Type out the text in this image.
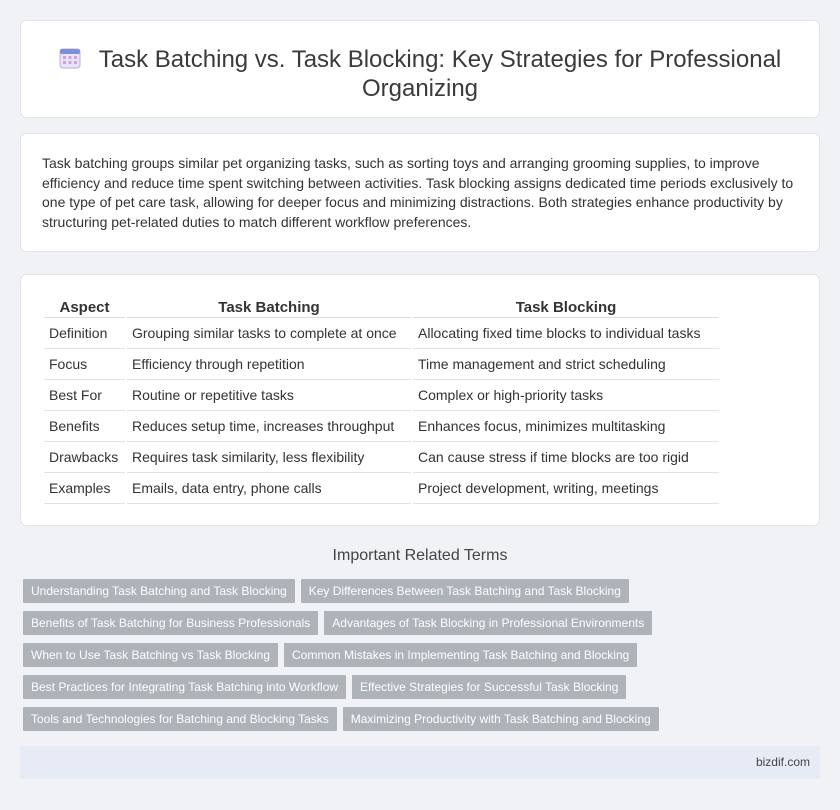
Task Batching vs. Task Blocking: Key Strategies for Professional Organizing

Task batching groups similar pet organizing tasks, such as sorting toys and arranging grooming supplies, to improve efficiency and reduce time spent switching between activities. Task blocking assigns dedicated time periods exclusively to one type of pet care task, allowing for deeper focus and minimizing distractions. Both strategies enhance productivity by structuring pet-related duties to match different workflow preferences.

Aspect	Task Batching	Task Blocking
Definition	Grouping similar tasks to complete at once	Allocating fixed time blocks to individual tasks
Focus	Efficiency through repetition	Time management and strict scheduling
Best For	Routine or repetitive tasks	Complex or high-priority tasks
Benefits	Reduces setup time, increases throughput	Enhances focus, minimizes multitasking
Drawbacks	Requires task similarity, less flexibility	Can cause stress if time blocks are too rigid
Examples	Emails, data entry, phone calls	Project development, writing, meetings
Important Related Terms
Understanding Task Batching and Task Blocking Key Differences Between Task Batching and Task Blocking
Benefits of Task Batching for Business Professionals Advantages of Task Blocking in Professional Environments
When to Use Task Batching vs Task Blocking Common Mistakes in Implementing Task Batching and Blocking
Best Practices for Integrating Task Batching into Workflow Effective Strategies for Successful Task Blocking
Tools and Technologies for Batching and Blocking Tasks Maximizing Productivity with Task Batching and Blocking
bizdif.com
